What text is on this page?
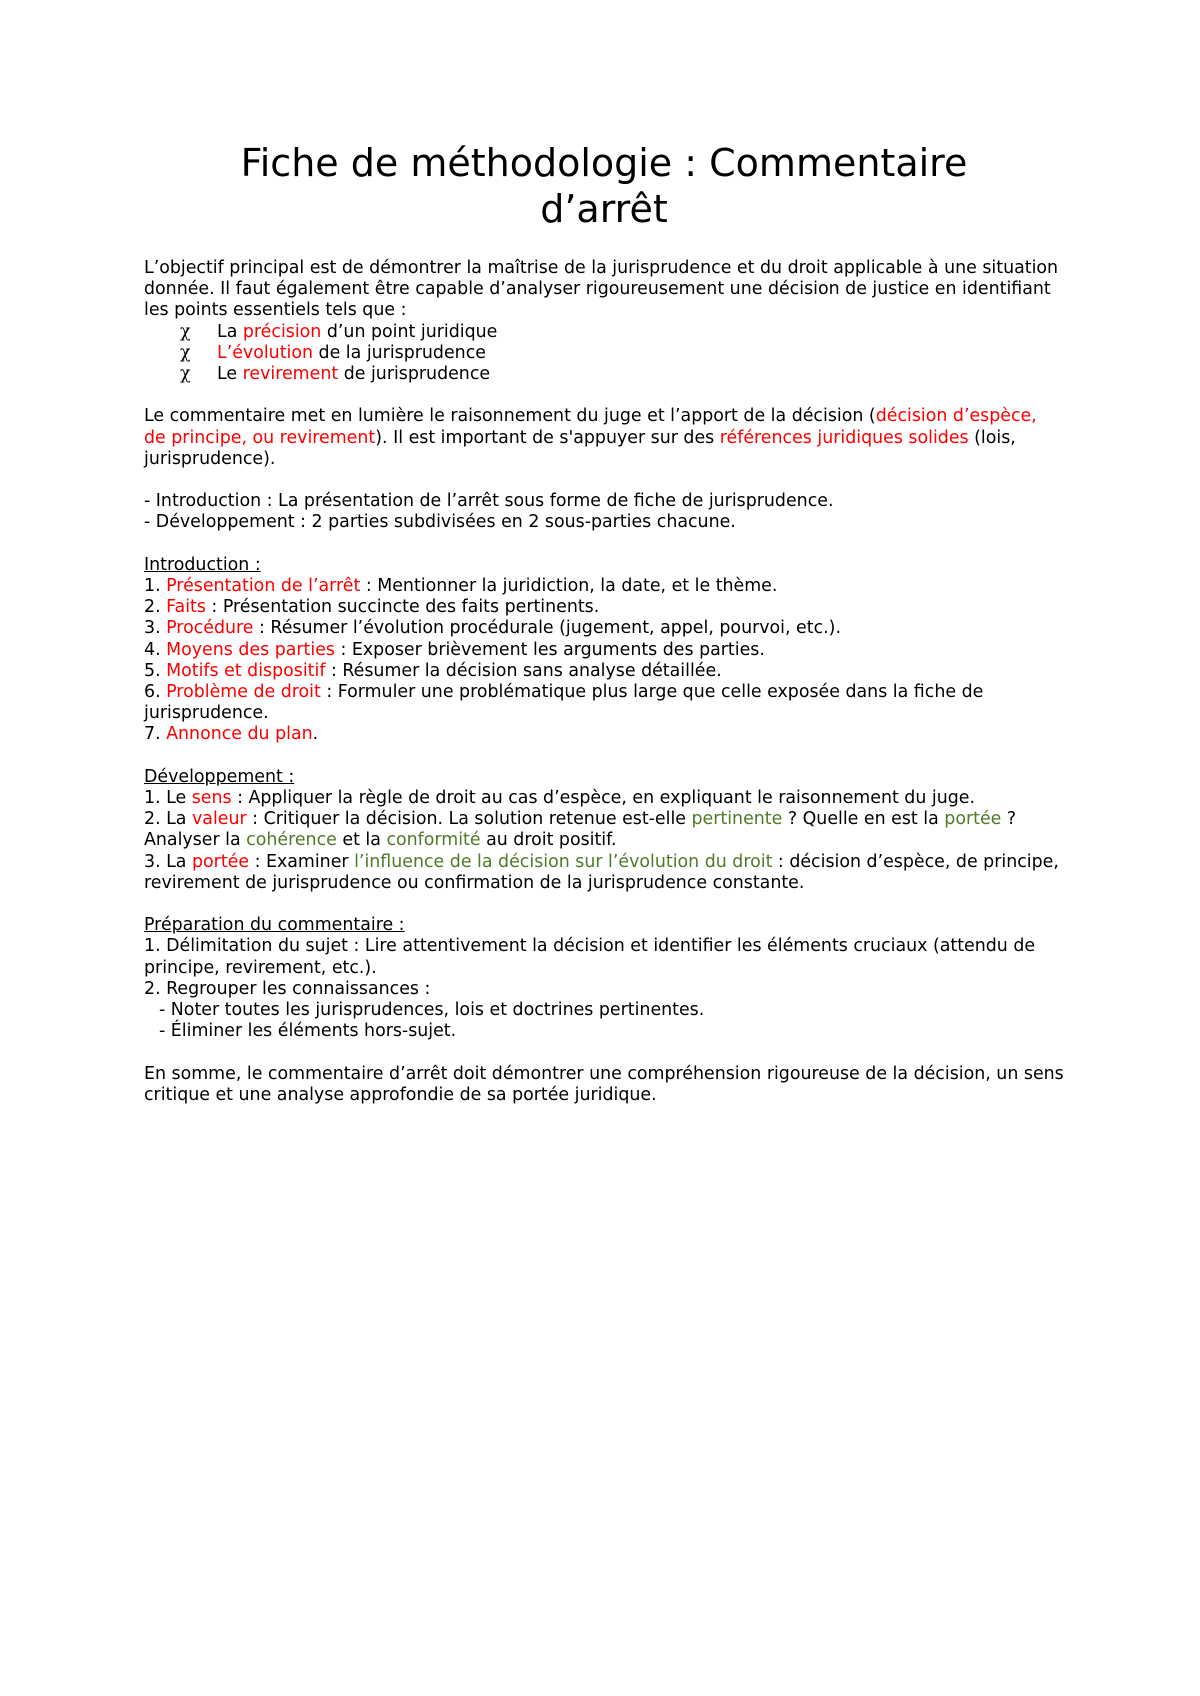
Fiche de méthodologie : Commentaire d’arrêt

L’objectif principal est de démontrer la maîtrise de la jurisprudence et du droit applicable à une situation donnée. Il faut également être capable d’analyser rigoureusement une décision de justice en identifiant les points essentiels tels que :

χ La précision d’un point juridique
χ L’évolution de la jurisprudence
χ Le revirement de jurisprudence

Le commentaire met en lumière le raisonnement du juge et l’apport de la décision (décision d’espèce, de principe, ou revirement). Il est important de s'appuyer sur des références juridiques solides (lois, jurisprudence).

- Introduction : La présentation de l’arrêt sous forme de fiche de jurisprudence.

- Développement : 2 parties subdivisées en 2 sous-parties chacune.

Introduction :

1. Présentation de l’arrêt : Mentionner la juridiction, la date, et le thème.

2. Faits : Présentation succincte des faits pertinents.

3. Procédure : Résumer l’évolution procédurale (jugement, appel, pourvoi, etc.).

4. Moyens des parties : Exposer brièvement les arguments des parties.

5. Motifs et dispositif : Résumer la décision sans analyse détaillée.

6. Problème de droit : Formuler une problématique plus large que celle exposée dans la fiche de jurisprudence.

7. Annonce du plan.

Développement :

1. Le sens : Appliquer la règle de droit au cas d’espèce, en expliquant le raisonnement du juge.

2. La valeur : Critiquer la décision. La solution retenue est-elle pertinente ? Quelle en est la portée ? Analyser la cohérence et la conformité au droit positif.

3. La portée : Examiner l’influence de la décision sur l’évolution du droit : décision d’espèce, de principe, revirement de jurisprudence ou confirmation de la jurisprudence constante.

Préparation du commentaire :

1. Délimitation du sujet : Lire attentivement la décision et identifier les éléments cruciaux (attendu de principe, revirement, etc.).

2. Regrouper les connaissances :

- Noter toutes les jurisprudences, lois et doctrines pertinentes.

- Éliminer les éléments hors-sujet.

En somme, le commentaire d’arrêt doit démontrer une compréhension rigoureuse de la décision, un sens critique et une analyse approfondie de sa portée juridique.
